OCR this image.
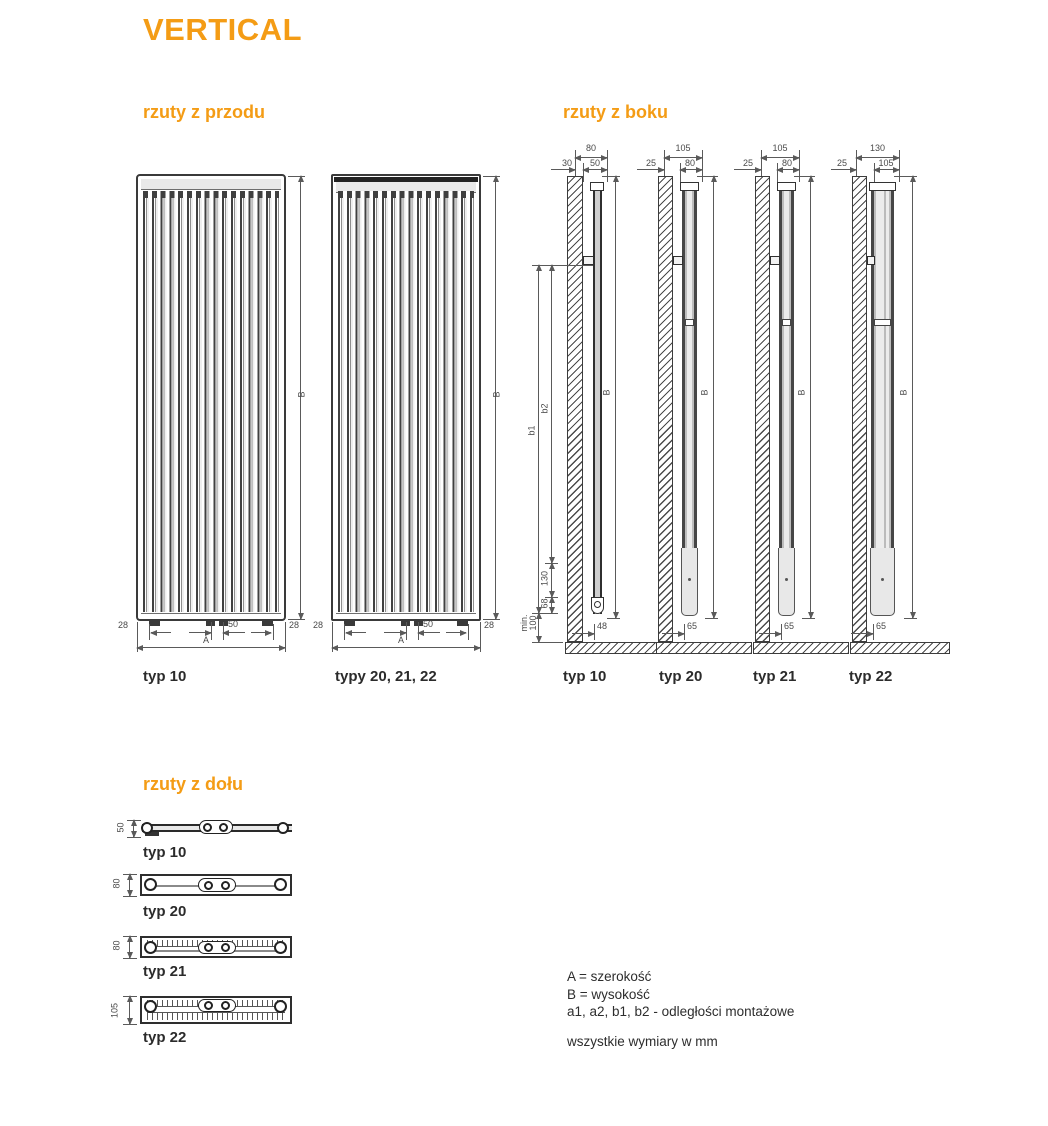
VERTICAL
rzuty z przodu	rzuty z boku
rzuty z dołu
B
28	28
50
A
typ 10
B
28	28
50
A
typy 20, 21, 22
80
30	50
B
48
b1
b2
130
68
min. 100
typ 10
105
25	80
B
65
typ 20
105
25	80
B
65
typ 21
130
25	105
B
65
typ 22
50
typ 10
80
typ 20
80
typ 21
105
typ 22
A = szerokość
B = wysokość
a1, a2, b1, b2 - odległości montażowe
wszystkie wymiary w mm
